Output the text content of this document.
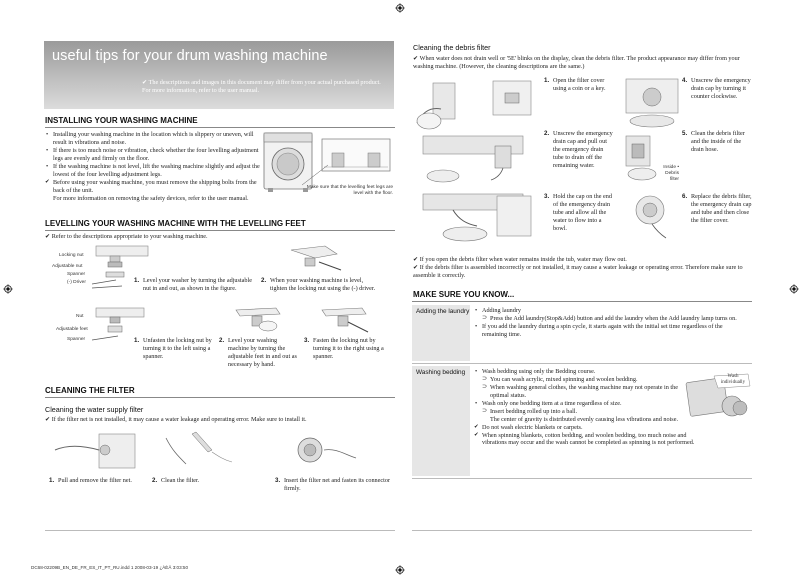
useful tips for your drum washing machine
✔ The descriptions and images in this document may differ from your actual purchased product. For more information, refer to the user manual.
INSTALLING YOUR WASHING MACHINE
• Installing your washing machine in the location which is slippery or uneven, will result in vibrations and noise.
• If there is too much noise or vibration, check whether the four levelling adjustment legs are evenly and firmly on the floor.
• If the washing machine is not level, lift the washing machine slightly and adjust the lowest of the four levelling adjustment legs.
✔ Before using your washing machine, you must remove the shipping bolts from the back of the unit.
For more information on removing the safety devices, refer to the user manual.
Make sure that the levelling feet legs are level with the floor.
LEVELLING YOUR WASHING MACHINE WITH THE LEVELLING FEET
✔ Refer to the descriptions appropriate to your washing machine.
Locking nut
Adjustable nut
Spanner
(-) Driver	1. Level your washer by turning the adjustable nut in and out, as shown in the figure.
2. When your washing machine is level, tighten the locking nut using the (-) driver.
Nut
Adjustable feet
Spanner	1. Unfasten the locking nut by turning it to the left using a spanner.
2. Level your washing machine by turning the adjustable feet in and out as necessary by hand.
3. Fasten the locking nut by turning it to the right using a spanner.
CLEANING THE FILTER
Cleaning the water supply filter
✔ If the filter net is not installed, it may cause a water leakage and operating error. Make sure to install it.
1. Pull and remove the filter net.	2. Clean the filter.	3. Insert the filter net and fasten its connector firmly.
Cleaning the debris filter
✔ When water does not drain well or '5E' blinks on the display, clean the debris filter. The product appearance may differ from your washing machine. (However, the cleaning descriptions are the same.)
Inside • Debris filter
1. Open the filter cover using a coin or a key.
2. Unscrew the emergency drain cap and pull out the emergency drain tube to drain off the remaining water.
3. Hold the cap on the end of the emergency drain tube and allow all the water to flow into a bowl.
4. Unscrew the emergency drain cap by turning it counter clockwise.
5. Clean the debris filter and the inside of the drain hose.
6. Replace the debris filter, the emergency drain cap and tube and then close the filter cover.
✔ If you open the debris filter when water remains inside the tub, water may flow out.
✔ If the debris filter is assembled incorrectly or not installed, it may cause a water leakage or operating error. Therefore make sure to assemble it correctly.
MAKE SURE YOU KNOW...
Adding the laundry	• Adding laundry
⊃ Press the Add laundry(Stop&Add) button and add the laundry when the Add laundry lamp turns on.
• If you add the laundry during a spin cycle, it starts again with the initial set time regardless of the remaining time.
Washing bedding	• Wash bedding using only the Bedding course.
⊃ You can wash acrylic, mixed spinning and woolen bedding.
⊃ When washing general clothes, the washing machine may not operate in the optimal status.
• Wash only one bedding item at a time regardless of size.
⊃ Insert bedding rolled up into a ball.
The center of gravity is distributed evenly causing less vibrations and noise.
✔ Do not wash electric blankets or carpets.
✔ When spinning blankets, cotton bedding, and woolen bedding, too much noise and vibrations may occur and the wash cannot be completed as spinning is not performed.
Wash individually
DC68-02209B_EN_DE_FR_ES_IT_PT_RU.indd 1 2008-03-19 ¿ÀÈÄ 3:03:50
